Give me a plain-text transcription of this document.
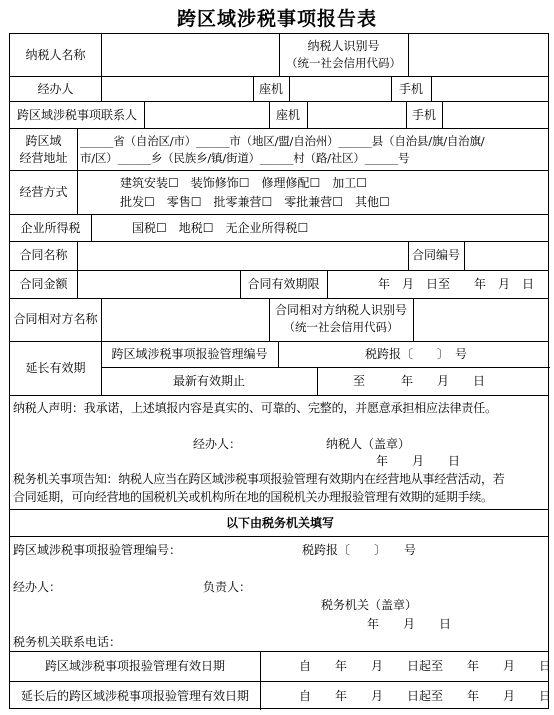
跨区域涉税事项报告表
纳税人名称
纳税人识别号
（统一社会信用代码）
经办人	座机	手机
跨区域涉税事项联系人	座机	手机
跨区域
经营地址
______省（自治区/市）______市（地区/盟/自治州）______县（自治县/旗/自治旗/
市/区）______乡（民族乡/镇/街道）______村（路/社区）______号
经营方式
建筑安装☐　装饰修饰☐　修理修配☐　加工☐
批发☐　零售☐　批零兼营☐　零批兼营☐　其他☐
企业所得税	国税☐　地税☐　无企业所得税☐
合同名称	合同编号
合同金额	合同有效期限	年　月　日至　　年　月　日
合同相对方名称
合同相对方纳税人识别号
（统一社会信用代码）
延长有效期
跨区域涉税事项报验管理编号	税跨报〔　　〕　号
最新有效期止	至　　　年　　月　　日
纳税人声明：我承诺，上述填报内容是真实的、可靠的、完整的，并愿意承担相应法律责任。
经办人：	纳税人（盖章）
年　　月　　日
税务机关事项告知：纳税人应当在跨区域涉税事项报验管理有效期内在经营地从事经营活动，若
合同延期，可向经营地的国税机关或机构所在地的国税机关办理报验管理有效期的延期手续。
以下由税务机关填写
跨区域涉税事项报验管理编号：	税跨报〔　　〕　　号
经办人：	负责人：
税务机关（盖章）
年　　月　　日
税务机关联系电话：
跨区域涉税事项报验管理有效日期	自　　年　　月　　日起至　　年　　月　　日
延长后的跨区域涉税事项报验管理有效日期	自　　年　　月　　日起至　　年　　月　　日
